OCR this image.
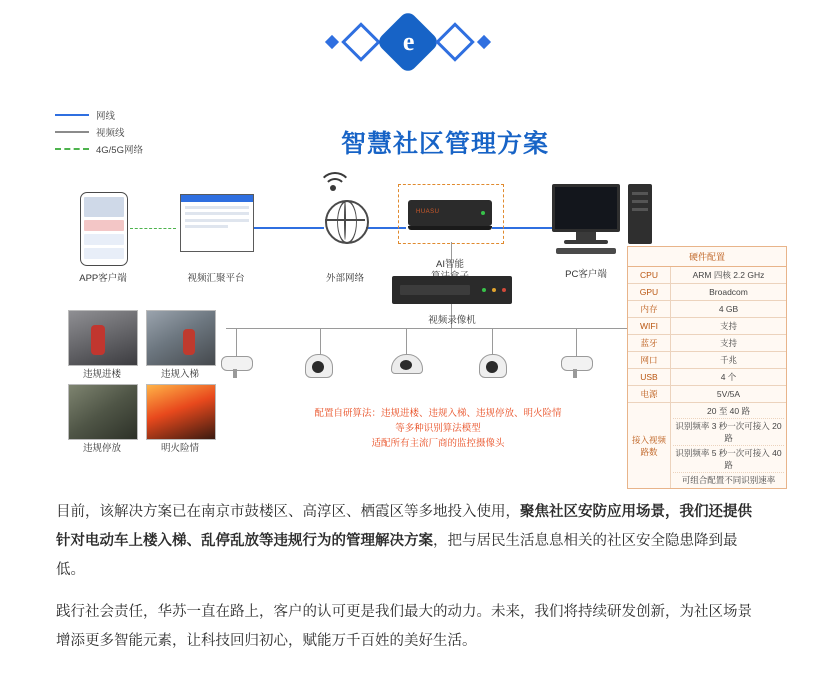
e
智慧社区管理方案
网线
视频线
4G/5G网络
APP客户端	视频汇聚平台	外部网络
HUASU
AI智能
PC客户端
视频录像机
违规进楼	违规入梯
违规停放	明火险情
配置自研算法：违规进楼、违规入梯、违规停放、明火险情等多种识别算法模型
适配所有主流厂商的监控摄像头
硬件配置
CPU	ARM 四核 2.2 GHz
GPU	Broadcom
内存	4 GB
WIFI	支持
蓝牙	支持
网口	千兆
USB	4 个
电源	5V/5A
接入视频路数
20 至 40 路
识别频率 3 秒一次可接入 20 路
识别频率 5 秒一次可接入 40 路
可组合配置不同识别速率
目前，该解决方案已在南京市鼓楼区、高淳区、栖霞区等多地投入使用，聚焦社区安防应用场景，我们还提供针对电动车上楼入梯、乱停乱放等违规行为的管理解决方案，把与居民生活息息相关的社区安全隐患降到最低。
践行社会责任，华苏一直在路上，客户的认可更是我们最大的动力。未来，我们将持续研发创新，为社区场景增添更多智能元素，让科技回归初心，赋能万千百姓的美好生活。
